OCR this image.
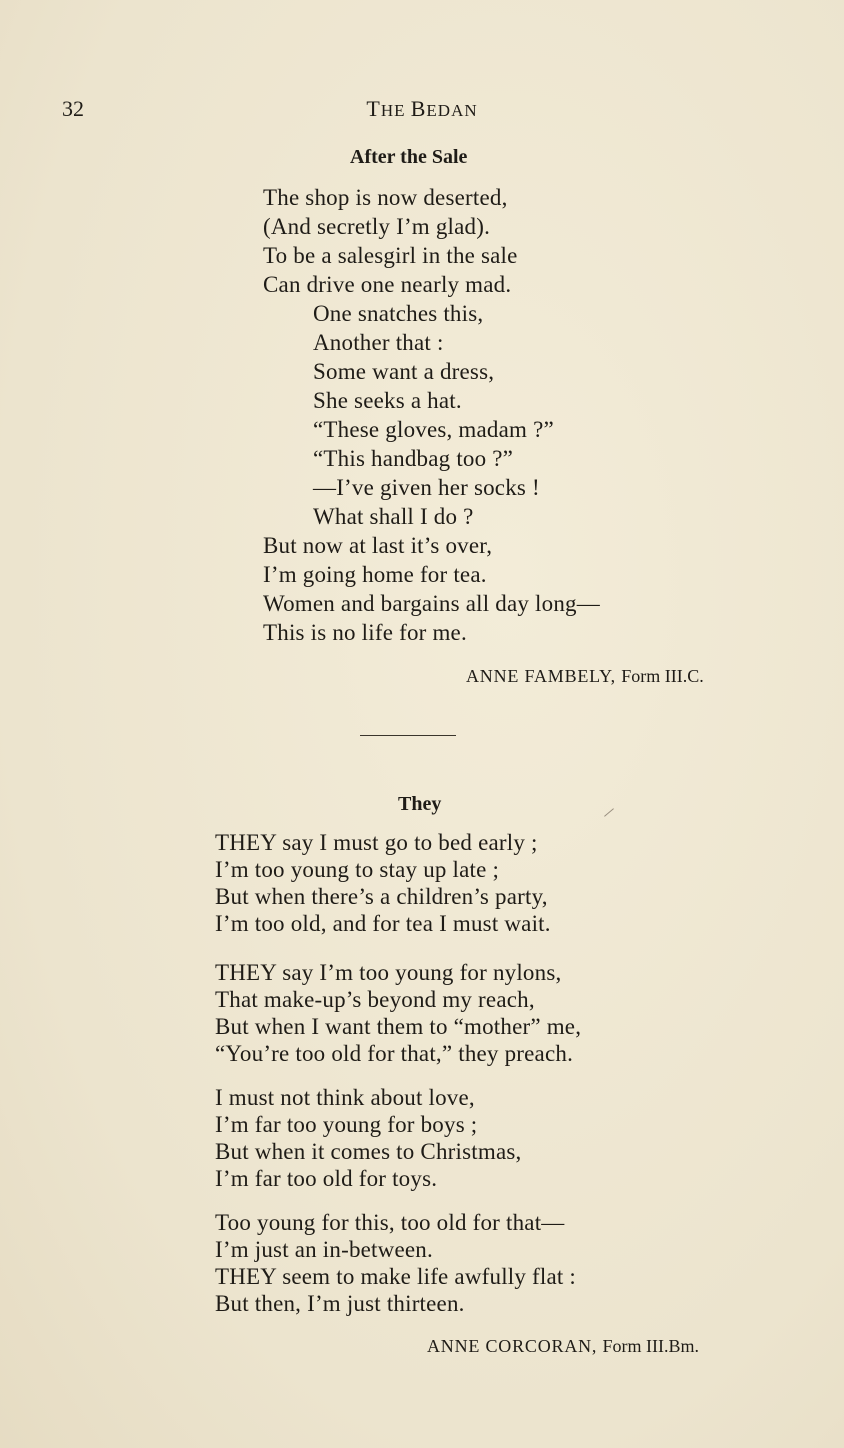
32	THE BEDAN
After the Sale
The shop is now deserted,
(And secretly I’m glad).
To be a salesgirl in the sale
Can drive one nearly mad.
One snatches this,
Another that :
Some want a dress,
She seeks a hat.
“These gloves, madam ?”
“This handbag too ?”
—I’ve given her socks !
What shall I do ?
But now at last it’s over,
I’m going home for tea.
Women and bargains all day long—
This is no life for me.
ANNE FAMBELY, Form III.C.
They
THEY say I must go to bed early ;
I’m too young to stay up late ;
But when there’s a children’s party,
I’m too old, and for tea I must wait.
THEY say I’m too young for nylons,
That make-up’s beyond my reach,
But when I want them to “mother” me,
“You’re too old for that,” they preach.
I must not think about love,
I’m far too young for boys ;
But when it comes to Christmas,
I’m far too old for toys.
Too young for this, too old for that—
I’m just an in-between.
THEY seem to make life awfully flat :
But then, I’m just thirteen.
ANNE CORCORAN, Form III.Bm.
